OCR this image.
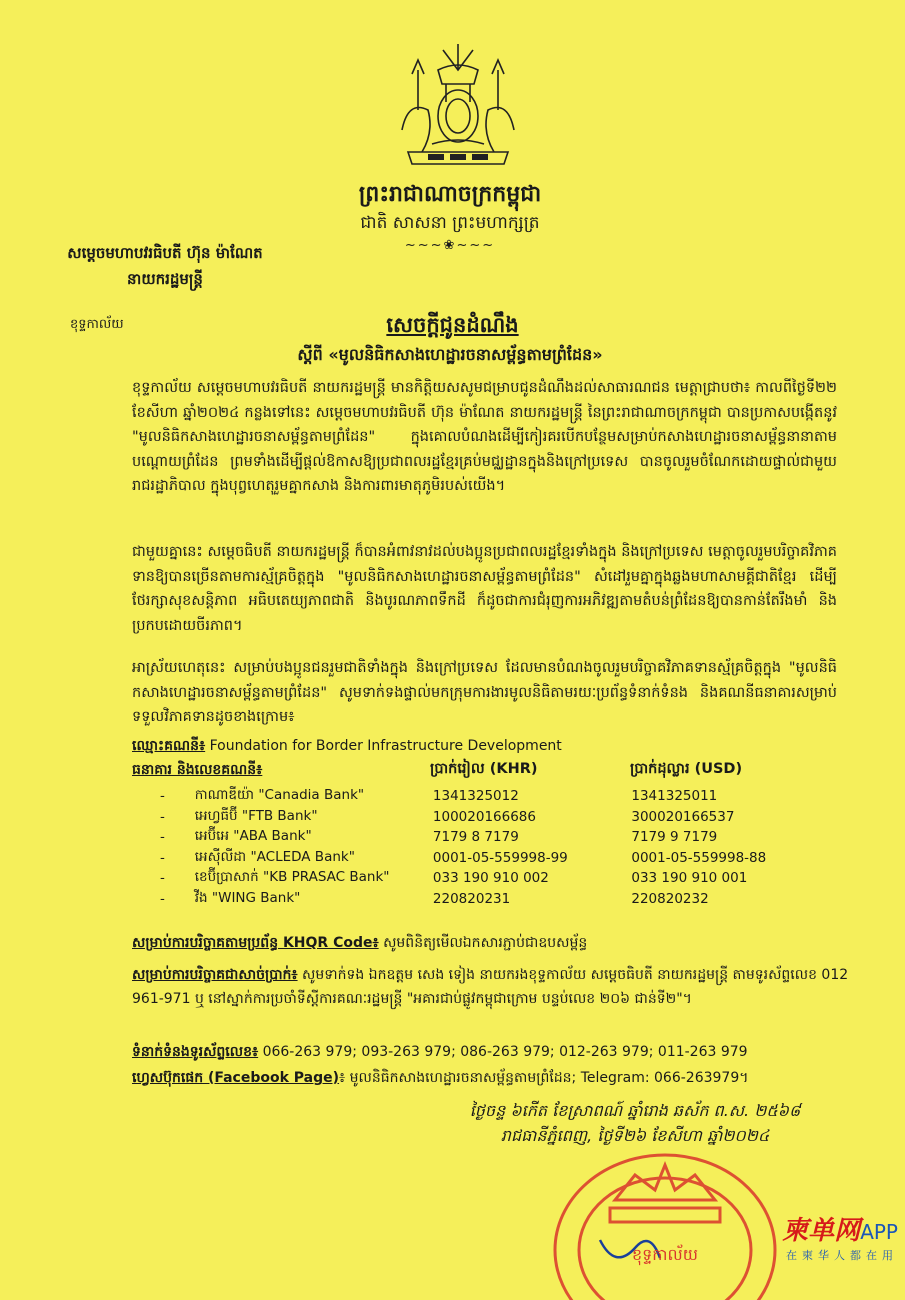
ព្រះរាជាណាចក្រកម្ពុជា
ជាតិ សាសនា ព្រះមហាក្សត្រ
~~~❀~~~
សម្ដេចមហាបវរធិបតី ហ៊ុន ម៉ាណែត
នាយករដ្ឋមន្ត្រី
ខុទ្ទកាល័យ	សេចក្ដីជូនដំណឹង
ស្ដីពី «មូលនិធិកសាងហេដ្ឋារចនាសម្ព័ន្ធតាមព្រំដែន»
ខុទ្ទកាល័យ សម្ដេចមហាបវរធិបតី នាយករដ្ឋមន្ត្រី មានកិត្តិយសសូមជម្រាបជូនដំណឹងដល់សាធារណជន មេត្តាជ្រាបថា៖ កាលពីថ្ងៃទី២២ ខែសីហា ឆ្នាំ២០២៤ កន្លងទៅនេះ សម្ដេចមហាបវរធិបតី ហ៊ុន ម៉ាណែត នាយករដ្ឋមន្ត្រី នៃព្រះរាជាណាចក្រកម្ពុជា បានប្រកាសបង្កើតនូវ "មូលនិធិកសាងហេដ្ឋារចនាសម្ព័ន្ធតាមព្រំដែន" ក្នុងគោលបំណងដើម្បីកៀរគរបើកបន្ថែមសម្រាប់កសាងហេដ្ឋារចនាសម្ព័ន្ធនានាតាមបណ្ដោយព្រំដែន ព្រមទាំងដើម្បីផ្ដល់ឱកាសឱ្យប្រជាពលរដ្ឋខ្មែរគ្រប់មជ្ឈដ្ឋានក្នុងនិងក្រៅប្រទេស បានចូលរួមចំណែកដោយផ្ទាល់ជាមួយរាជរដ្ឋាភិបាល ក្នុងបុព្វហេតុរួមគ្នាកសាង និងការពារមាតុភូមិរបស់យើង។
ជាមួយគ្នានេះ សម្ដេចធិបតី នាយករដ្ឋមន្ត្រី ក៏បានអំពាវនាវដល់បងប្អូនប្រជាពលរដ្ឋខ្មែរទាំងក្នុង និងក្រៅប្រទេស មេត្តាចូលរួមបរិច្ចាគវិភាគទានឱ្យបានច្រើនតាមការស្ម័គ្រចិត្តក្នុង "មូលនិធិកសាងហេដ្ឋារចនាសម្ព័ន្ធតាមព្រំដែន" សំដៅរួមគ្នាក្នុងឆ្លងមហាសាមគ្គីជាតិខ្មែរ ដើម្បីថែរក្សាសុខសន្តិភាព អធិបតេយ្យភាពជាតិ និងបូរណភាពទឹកដី ក៏ដូចជាការជំរុញការអភិវឌ្ឍតាមតំបន់ព្រំដែនឱ្យបានកាន់តែរឹងមាំ និងប្រកបដោយចីរភាព។
អាស្រ័យហេតុនេះ សម្រាប់បងប្អូនជនរួមជាតិទាំងក្នុង និងក្រៅប្រទេស ដែលមានបំណងចូលរួមបរិច្ចាគវិភាគទានស្ម័គ្រចិត្តក្នុង "មូលនិធិកសាងហេដ្ឋារចនាសម្ព័ន្ធតាមព្រំដែន" សូមទាក់ទងផ្ទាល់មកក្រុមការងារមូលនិធិតាមរយៈប្រព័ន្ធទំនាក់ទំនង និងគណនីធនាគារសម្រាប់ទទួលវិភាគទានដូចខាងក្រោម៖
ឈ្មោះគណនី៖ Foundation for Border Infrastructure Development
ធនាគារ និងលេខគណនី៖	ប្រាក់រៀល (KHR)	ប្រាក់ដុល្លារ (USD)
-	កាណាឌីយ៉ា "Canadia Bank"	1341325012	1341325011
-	អេហ្វធីប៊ី "FTB Bank"	100020166686	300020166537
-	អេប៊ីអេ "ABA Bank"	7179 8 7179	7179 9 7179
-	អេស៊ីលីដា "ACLEDA Bank"	0001-05-559998-99	0001-05-559998-88
-	ខេប៊ីប្រាសាក់ "KB PRASAC Bank"	033 190 910 002	033 190 910 001
-	វីង "WING Bank"	220820231	220820232
សម្រាប់ការបរិច្ចាគតាមប្រព័ន្ធ KHQR Code៖ សូមពិនិត្យមើលឯកសារភ្ជាប់ជាឧបសម្ព័ន្ធ
សម្រាប់ការបរិច្ចាគជាសាច់ប្រាក់៖ សូមទាក់ទង ឯកឧត្ដម សេង ទៀង នាយករងខុទ្ទកាល័យ សម្ដេចធិបតី នាយករដ្ឋមន្ត្រី តាមទូរស័ព្ទលេខ 012 961-971 ឬ នៅស្នាក់ការប្រចាំទីស្ដីការគណៈរដ្ឋមន្ត្រី "អគារជាប់ផ្លូវកម្ពុជាក្រោម បន្ទប់លេខ ២០៦ ជាន់ទី២"។
ទំនាក់ទំនងទូរស័ព្ទលេខ៖ 066-263 979; 093-263 979; 086-263 979; 012-263 979; 011-263 979
ហ្វេសប៊ុកផេក (Facebook Page)៖ មូលនិធិកសាងហេដ្ឋារចនាសម្ព័ន្ធតាមព្រំដែន; Telegram: 066-263979។
ថ្ងៃចន្ទ ៦កើត ខែស្រាពណ៍ ឆ្នាំរោង ឆស័ក ព.ស. ២៥៦៨
រាជធានីភ្នំពេញ, ថ្ងៃទី២៦ ខែសីហា ឆ្នាំ២០២៤
ខុទ្ទកាល័យ
柬单网APP
在柬华人都在用
